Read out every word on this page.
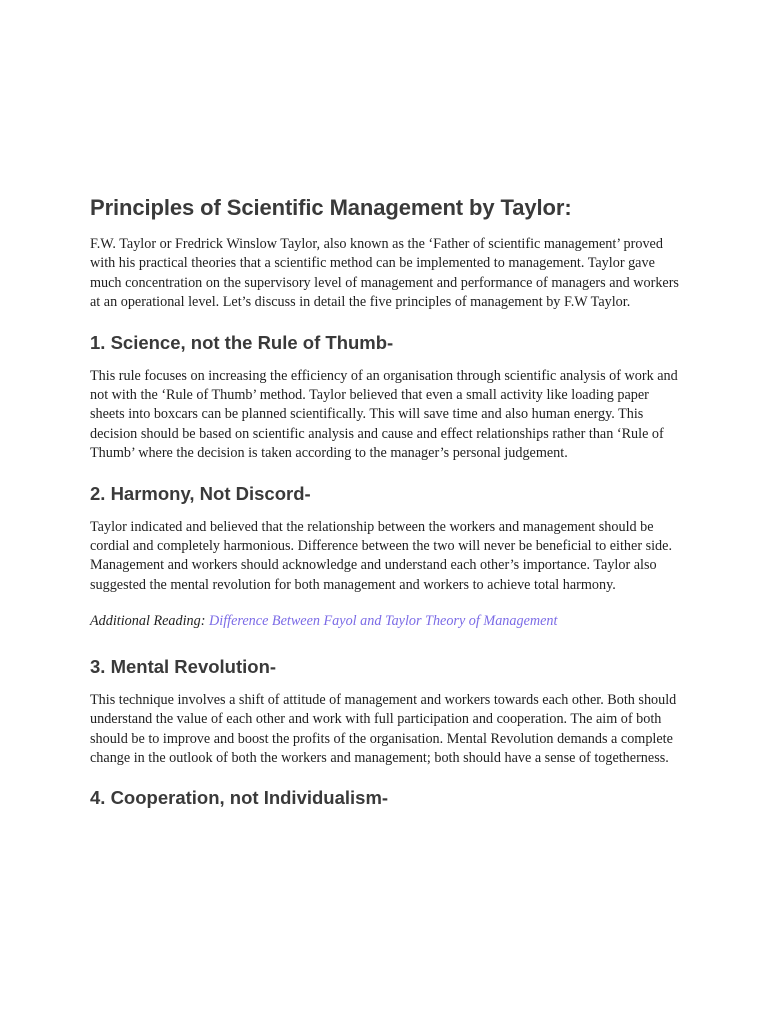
Principles of Scientific Management by Taylor:

F.W. Taylor or Fredrick Winslow Taylor, also known as the ‘Father of scientific management’ proved with his practical theories that a scientific method can be implemented to management. Taylor gave much concentration on the supervisory level of management and performance of managers and workers at an operational level. Let’s discuss in detail the five principles of management by F.W Taylor.

1. Science, not the Rule of Thumb-

This rule focuses on increasing the efficiency of an organisation through scientific analysis of work and not with the ‘Rule of Thumb’ method. Taylor believed that even a small activity like loading paper sheets into boxcars can be planned scientifically. This will save time and also human energy. This decision should be based on scientific analysis and cause and effect relationships rather than ‘Rule of Thumb’ where the decision is taken according to the manager’s personal judgement.

2. Harmony, Not Discord-

Taylor indicated and believed that the relationship between the workers and management should be cordial and completely harmonious. Difference between the two will never be beneficial to either side. Management and workers should acknowledge and understand each other’s importance. Taylor also suggested the mental revolution for both management and workers to achieve total harmony.

Additional Reading: Difference Between Fayol and Taylor Theory of Management

3. Mental Revolution-

This technique involves a shift of attitude of management and workers towards each other. Both should understand the value of each other and work with full participation and cooperation. The aim of both should be to improve and boost the profits of the organisation. Mental Revolution demands a complete change in the outlook of both the workers and management; both should have a sense of togetherness.

4. Cooperation, not Individualism-
